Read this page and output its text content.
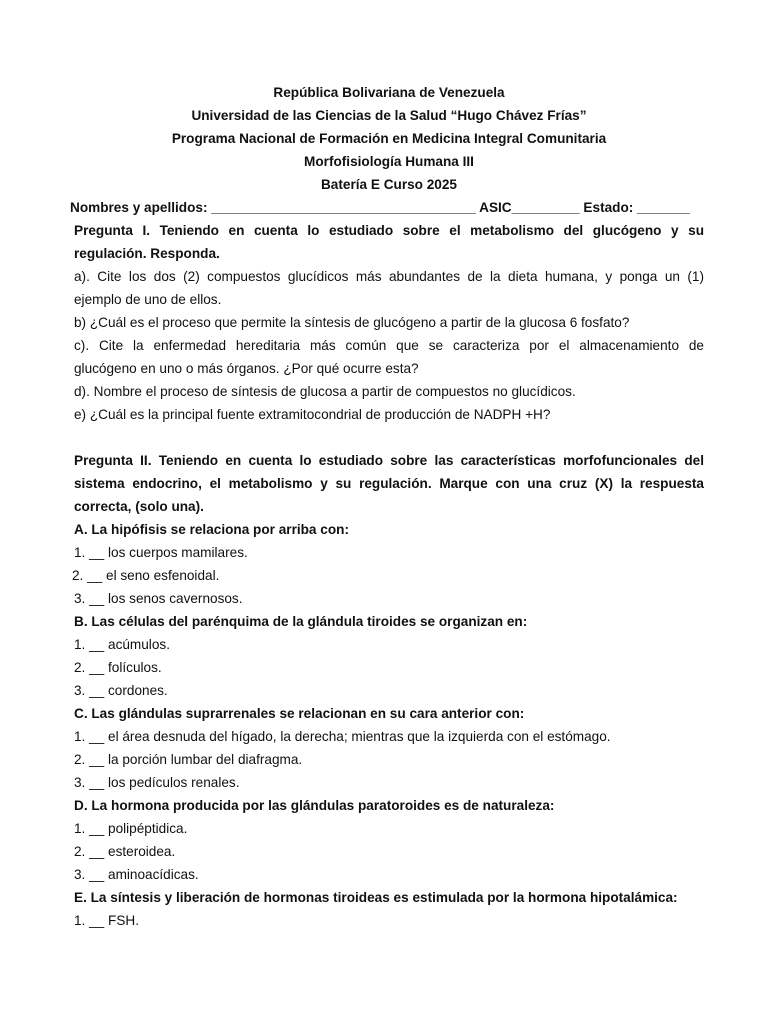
República Bolivariana de Venezuela
Universidad de las Ciencias de la Salud “Hugo Chávez Frías”
Programa Nacional de Formación en Medicina Integral Comunitaria
Morfofisiología Humana III
Batería E Curso 2025
Nombres y apellidos: ___________________________________ ASIC_________ Estado: _______

Pregunta I. Teniendo en cuenta lo estudiado sobre el metabolismo del glucógeno y su

regulación. Responda.

a). Cite los dos (2) compuestos glucídicos más abundantes de la dieta humana, y ponga un (1)

ejemplo de uno de ellos.

b) ¿Cuál es el proceso que permite la síntesis de glucógeno a partir de la glucosa 6 fosfato?

c). Cite la enfermedad hereditaria más común que se caracteriza por el almacenamiento de

glucógeno en uno o más órganos. ¿Por qué ocurre esta?

d). Nombre el proceso de síntesis de glucosa a partir de compuestos no glucídicos.

e) ¿Cuál es la principal fuente extramitocondrial de producción de NADPH +H?

Pregunta II. Teniendo en cuenta lo estudiado sobre las características morfofuncionales del

sistema endocrino, el metabolismo y su regulación. Marque con una cruz (X) la respuesta

correcta, (solo una).

A. La hipófisis se relaciona por arriba con:

1. __ los cuerpos mamilares.
2. __ el seno esfenoidal.
3. __ los senos cavernosos.

B. Las células del parénquima de la glándula tiroides se organizan en:

1. __ acúmulos.
2. __ folículos.
3. __ cordones.

C. Las glándulas suprarrenales se relacionan en su cara anterior con:

1. __ el área desnuda del hígado, la derecha; mientras que la izquierda con el estómago.
2. __ la porción lumbar del diafragma.
3. __ los pedículos renales.

D. La hormona producida por las glándulas paratoroides es de naturaleza:

1. __ polipéptidica.
2. __ esteroidea.
3. __ aminoacídicas.

E. La síntesis y liberación de hormonas tiroideas es estimulada por la hormona hipotalámica:

1. __ FSH.
